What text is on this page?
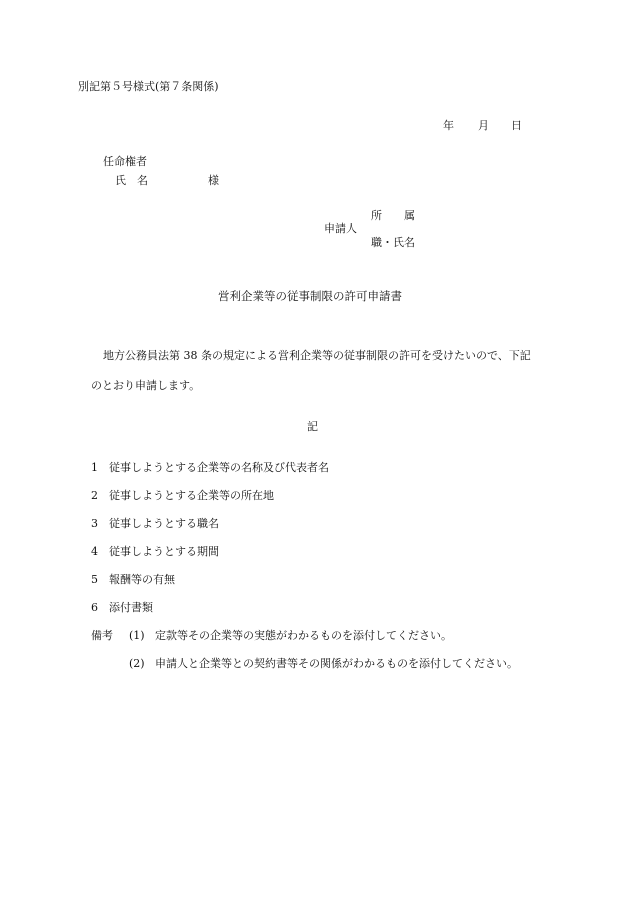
別記第５号様式(第７条関係)
年 月 日
任命権者
氏　名	様
所　　属
申請人
職・氏名
営利企業等の従事制限の許可申請書
地方公務員法第 38 条の規定による営利企業等の従事制限の許可を受けたいので、下記
のとおり申請します。
記
1 従事しようとする企業等の名称及び代表者名
2 従事しようとする企業等の所在地
3 従事しようとする職名
4 従事しようとする期間
5 報酬等の有無
6 添付書類
備考 (1) 定款等その企業等の実態がわかるものを添付してください。
(2) 申請人と企業等との契約書等その関係がわかるものを添付してください。
